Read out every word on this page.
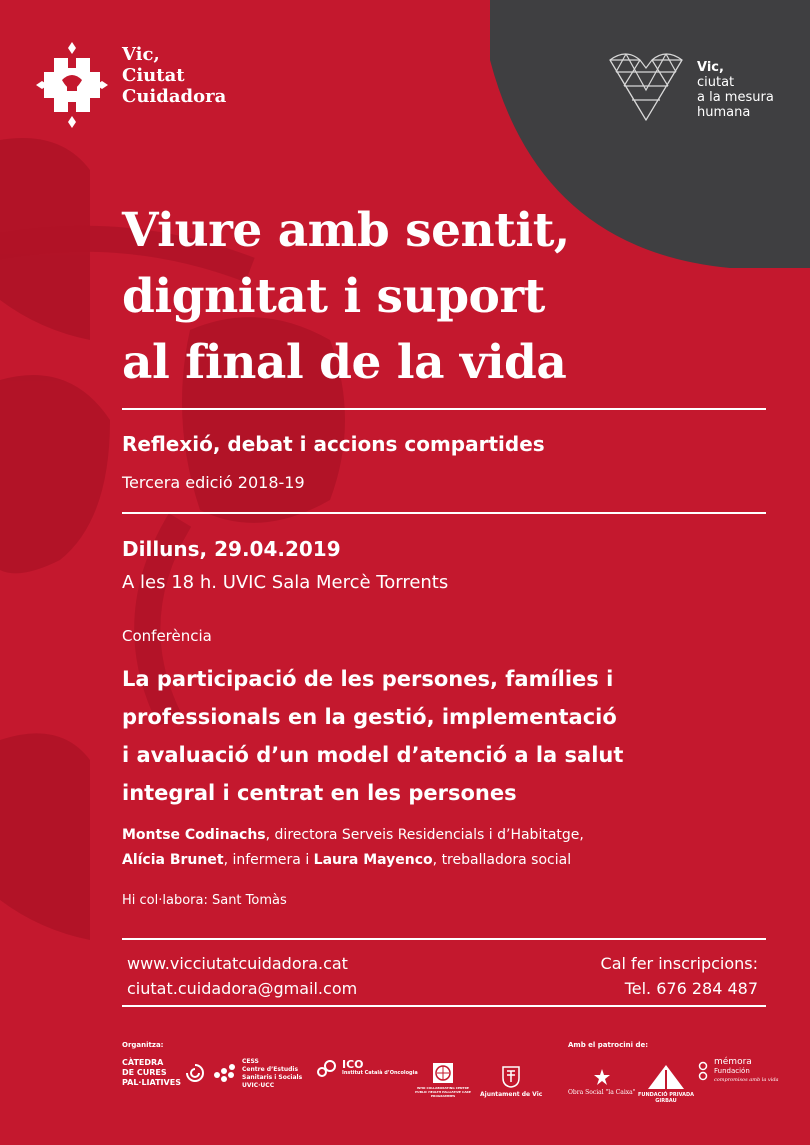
Vic,
Ciutat
Cuidadora
Vic,
ciutat
a la mesura
humana
Viure amb sentit,
dignitat i suport
al final de la vida
Reflexió, debat i accions compartides
Tercera edició 2018-19
Dilluns, 29.04.2019
A les 18 h. UVIC Sala Mercè Torrents
Conferència
La participació de les persones, famílies i
professionals en la gestió, implementació
i avaluació d’un model d’atenció a la salut
integral i centrat en les persones
Montse Codinachs, directora Serveis Residencials i d’Habitatge,
Alícia Brunet, infermera i Laura Mayenco, treballadora social
Hi col·labora: Sant Tomàs
www.vicciutatcuidadora.cat
ciutat.cuidadora@gmail.com
Cal fer inscripcions:
Tel. 676 284 487
Organitza:	Amb el patrocini de:
CÀTEDRA
DE CURES
PAL·LIATIVES
CESS
Centre d’Estudis
Sanitaris i Socials
UVIC·UCC
ICO
Institut Català d’Oncologia
WHO COLLABORATING CENTRE PUBLIC HEALTH PALLIATIVE CARE PROGRAMMES	Ajuntament de Vic	Obra Social "la Caixa" FUNDACIÓ PRIVADA
GIRBAU
mémora
Fundación
compromisos amb la vida
